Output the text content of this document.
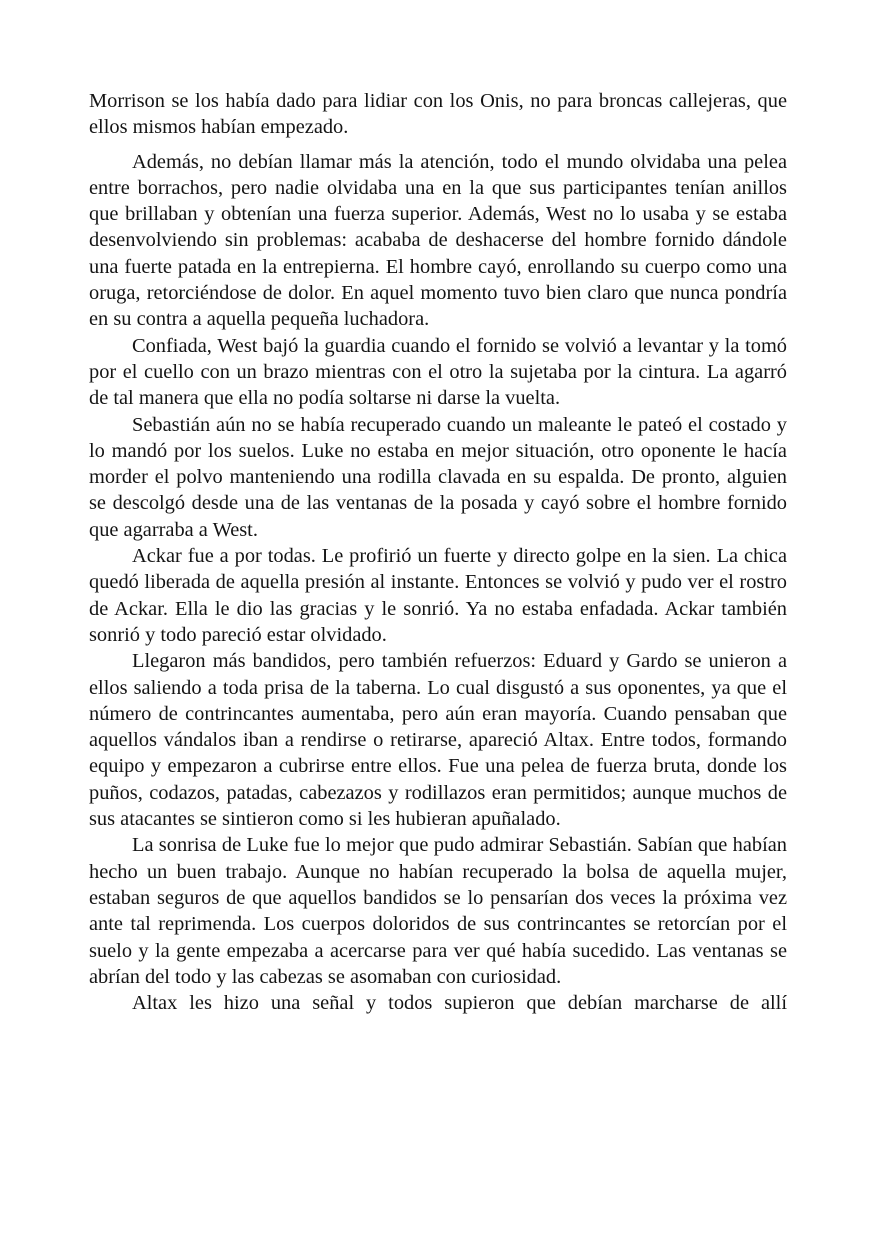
Morrison se los había dado para lidiar con los Onis, no para broncas callejeras, que ellos mismos habían empezado.

Además, no debían llamar más la atención, todo el mundo olvidaba una pelea entre borrachos, pero nadie olvidaba una en la que sus participantes tenían anillos que brillaban y obtenían una fuerza superior. Además, West no lo usaba y se estaba desenvolviendo sin problemas: acababa de deshacerse del hombre fornido dándole una fuerte patada en la entrepierna. El hombre cayó, enrollando su cuerpo como una oruga, retorciéndose de dolor. En aquel momento tuvo bien claro que nunca pondría en su contra a aquella pequeña luchadora.

Confiada, West bajó la guardia cuando el fornido se volvió a levantar y la tomó por el cuello con un brazo mientras con el otro la sujetaba por la cintura. La agarró de tal manera que ella no podía soltarse ni darse la vuelta.

Sebastián aún no se había recuperado cuando un maleante le pateó el costado y lo mandó por los suelos. Luke no estaba en mejor situación, otro oponente le hacía morder el polvo manteniendo una rodilla clavada en su espalda. De pronto, alguien se descolgó desde una de las ventanas de la posada y cayó sobre el hombre fornido que agarraba a West.

Ackar fue a por todas. Le profirió un fuerte y directo golpe en la sien. La chica quedó liberada de aquella presión al instante. Entonces se volvió y pudo ver el rostro de Ackar. Ella le dio las gracias y le sonrió. Ya no estaba enfadada. Ackar también sonrió y todo pareció estar olvidado.

Llegaron más bandidos, pero también refuerzos: Eduard y Gardo se unieron a ellos saliendo a toda prisa de la taberna. Lo cual disgustó a sus oponentes, ya que el número de contrincantes aumentaba, pero aún eran mayoría. Cuando pensaban que aquellos vándalos iban a rendirse o retirarse, apareció Altax. Entre todos, formando equipo y empezaron a cubrirse entre ellos. Fue una pelea de fuerza bruta, donde los puños, codazos, patadas, cabezazos y rodillazos eran permitidos; aunque muchos de sus atacantes se sintieron como si les hubieran apuñalado.

La sonrisa de Luke fue lo mejor que pudo admirar Sebastián. Sabían que habían hecho un buen trabajo. Aunque no habían recuperado la bolsa de aquella mujer, estaban seguros de que aquellos bandidos se lo pensarían dos veces la próxima vez ante tal reprimenda. Los cuerpos doloridos de sus contrincantes se retorcían por el suelo y la gente empezaba a acercarse para ver qué había sucedido. Las ventanas se abrían del todo y las cabezas se asomaban con curiosidad.

Altax les hizo una señal y todos supieron que debían marcharse de allí
